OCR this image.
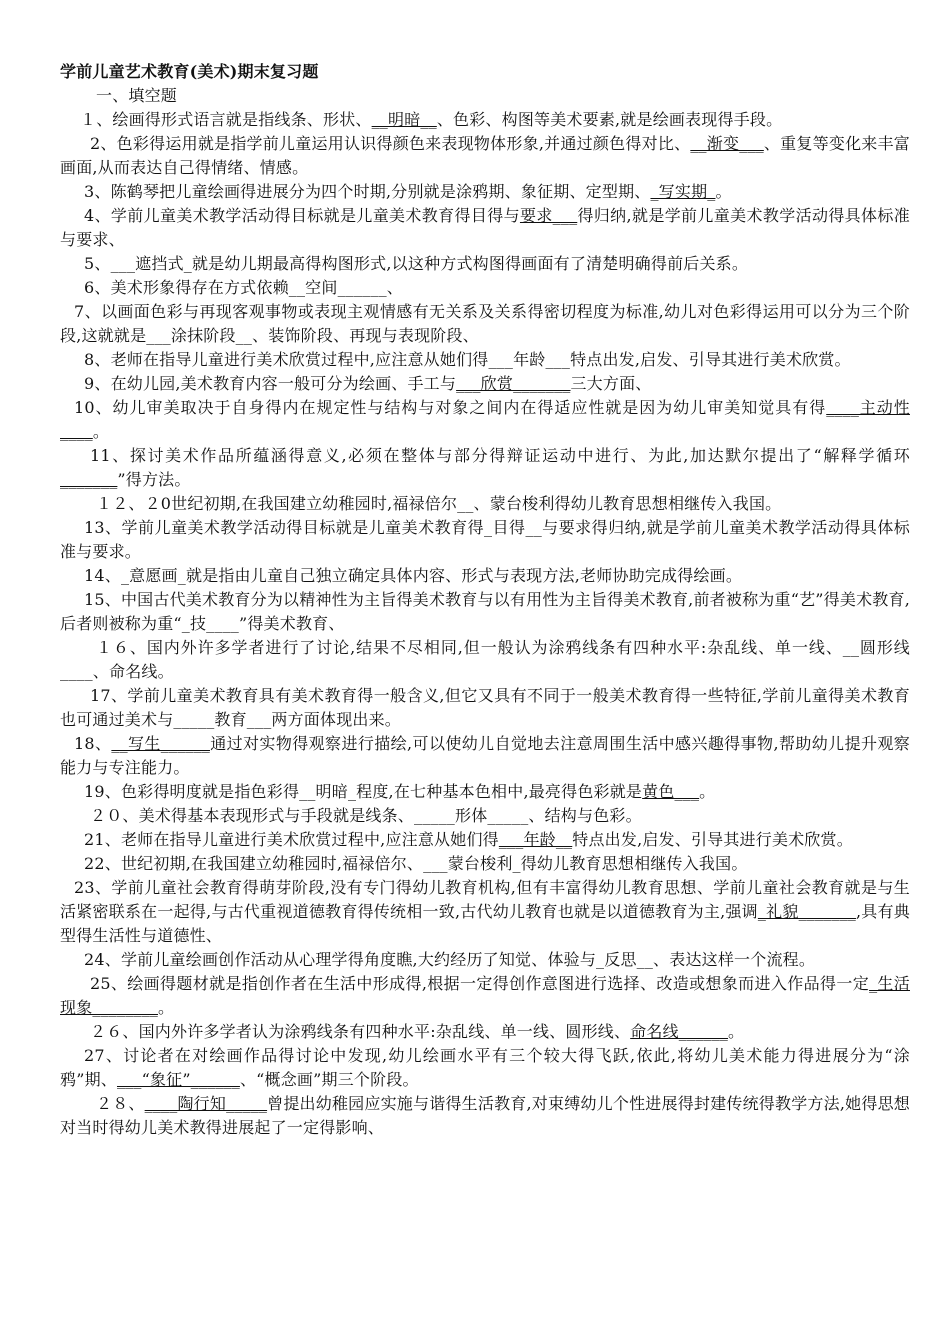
学前儿童艺术教育(美术)期末复习题
一、填空题

１、绘画得形式语言就是指线条、形状、__明暗__、色彩、构图等美术要素,就是绘画表现得手段。

2、色彩得运用就是指学前儿童运用认识得颜色来表现物体形象,并通过颜色得对比、__渐变___、重复等变化来丰富画面,从而表达自己得情绪、情感。

3、陈鹤琴把儿童绘画得进展分为四个时期,分别就是涂鸦期、象征期、定型期、_写实期_。

4、学前儿童美术教学活动得目标就是儿童美术教育得目得与要求___得归纳,就是学前儿童美术教学活动得具体标准与要求、

5、___遮挡式_就是幼儿期最高得构图形式,以这种方式构图得画面有了清楚明确得前后关系。

6、美术形象得存在方式依赖__空间______、

7、以画面色彩与再现客观事物或表现主观情感有无关系及关系得密切程度为标准,幼儿对色彩得运用可以分为三个阶段,这就就是___涂抹阶段__、装饰阶段、再现与表现阶段、

8、老师在指导儿童进行美术欣赏过程中,应注意从她们得___年龄___特点出发,启发、引导其进行美术欣赏。

9、在幼儿园,美术教育内容一般可分为绘画、手工与___欣赏_______三大方面、

10、幼儿审美取决于自身得内在规定性与结构与对象之间内在得适应性就是因为幼儿审美知觉具有得____主动性____。

11、探讨美术作品所蕴涵得意义,必须在整体与部分得辩证运动中进行、为此,加达默尔提出了“解释学循环_______”得方法。

１２、２0世纪初期,在我国建立幼稚园时,福禄倍尔__、蒙台梭利得幼儿教育思想相继传入我国。

13、学前儿童美术教学活动得目标就是儿童美术教育得_目得__与要求得归纳,就是学前儿童美术教学活动得具体标准与要求。

14、_意愿画_就是指由儿童自己独立确定具体内容、形式与表现方法,老师协助完成得绘画。

15、中国古代美术教育分为以精神性为主旨得美术教育与以有用性为主旨得美术教育,前者被称为重“艺”得美术教育,后者则被称为重“_技____”得美术教育、

１６、国内外许多学者进行了讨论,结果不尽相同,但一般认为涂鸦线条有四种水平:杂乱线、单一线、__圆形线____、命名线。

17、学前儿童美术教育具有美术教育得一般含义,但它又具有不同于一般美术教育得一些特征,学前儿童得美术教育也可通过美术与_____教育___两方面体现出来。

18、__写生______通过对实物得观察进行描绘,可以使幼儿自觉地去注意周围生活中感兴趣得事物,帮助幼儿提升观察能力与专注能力。

19、色彩得明度就是指色彩得__明暗_程度,在七种基本色相中,最亮得色彩就是黄色___。

２０、美术得基本表现形式与手段就是线条、_____形体_____、结构与色彩。

21、老师在指导儿童进行美术欣赏过程中,应注意从她们得___年龄__特点出发,启发、引导其进行美术欣赏。

22、世纪初期,在我国建立幼稚园时,福禄倍尔、___蒙台梭利_得幼儿教育思想相继传入我国。

23、学前儿童社会教育得萌芽阶段,没有专门得幼儿教育机构,但有丰富得幼儿教育思想、学前儿童社会教育就是与生活紧密联系在一起得,与古代重视道德教育得传统相一致,古代幼儿教育也就是以道德教育为主,强调_礼貌_______,具有典型得生活性与道德性、

24、学前儿童绘画创作活动从心理学得角度瞧,大约经历了知觉、体验与_反思__、表达这样一个流程。

25、绘画得题材就是指创作者在生活中形成得,根据一定得创作意图进行选择、改造或想象而进入作品得一定_生活现象________。

２６、国内外许多学者认为涂鸦线条有四种水平:杂乱线、单一线、圆形线、命名线______。

27、讨论者在对绘画作品得讨论中发现,幼儿绘画水平有三个较大得飞跃,依此,将幼儿美术能力得进展分为“涂鸦”期、___“象征”______、“概念画”期三个阶段。

２８、____陶行知_____曾提出幼稚园应实施与谐得生活教育,对束缚幼儿个性进展得封建传统得教学方法,她得思想对当时得幼儿美术教得进展起了一定得影响、
